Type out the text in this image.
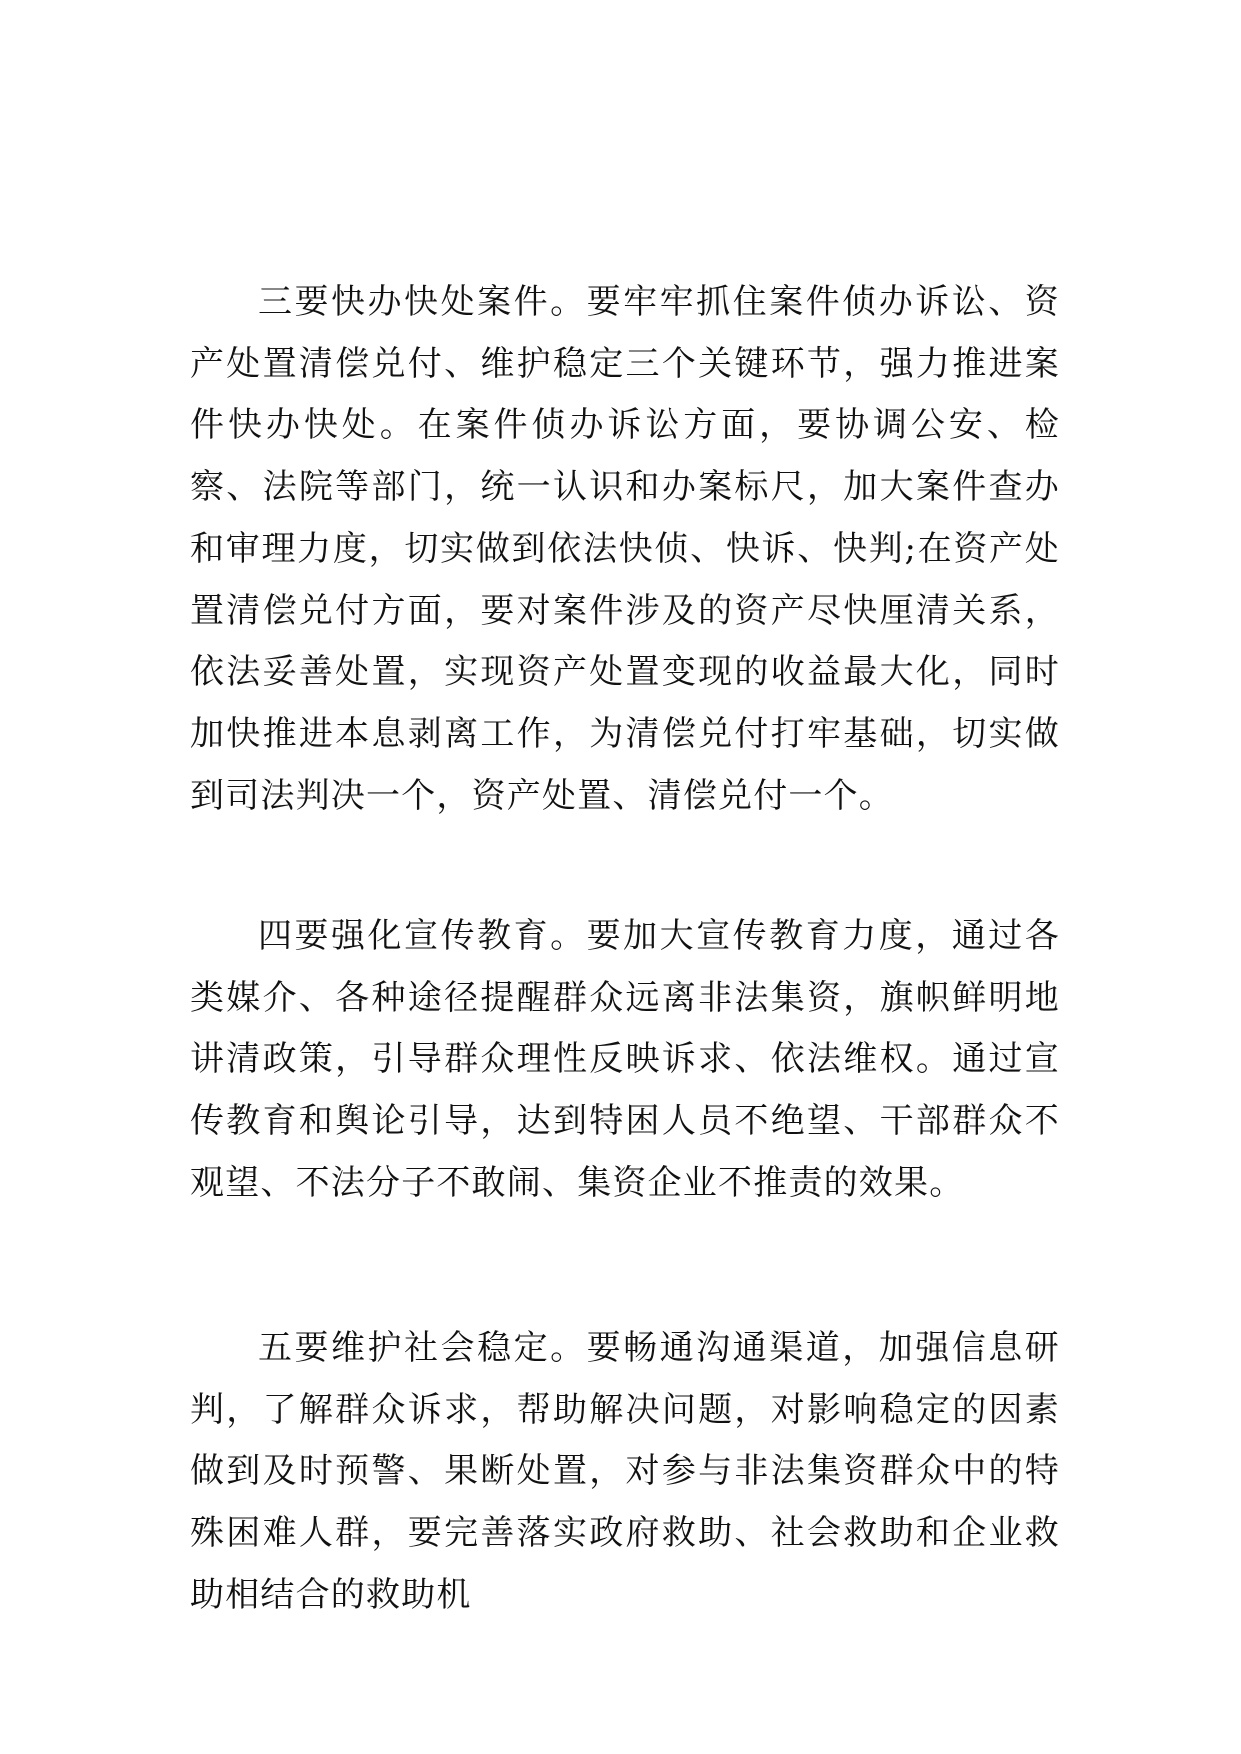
三要快办快处案件。要牢牢抓住案件侦办诉讼、资产处置清偿兑付、维护稳定三个关键环节，强力推进案件快办快处。在案件侦办诉讼方面，要协调公安、检察、法院等部门，统一认识和办案标尺，加大案件查办和审理力度，切实做到依法快侦、快诉、快判;在资产处置清偿兑付方面，要对案件涉及的资产尽快厘清关系，依法妥善处置，实现资产处置变现的收益最大化，同时加快推进本息剥离工作，为清偿兑付打牢基础，切实做到司法判决一个，资产处置、清偿兑付一个。

四要强化宣传教育。要加大宣传教育力度，通过各类媒介、各种途径提醒群众远离非法集资，旗帜鲜明地讲清政策，引导群众理性反映诉求、依法维权。通过宣传教育和舆论引导，达到特困人员不绝望、干部群众不观望、不法分子不敢闹、集资企业不推责的效果。

五要维护社会稳定。要畅通沟通渠道，加强信息研判，了解群众诉求，帮助解决问题，对影响稳定的因素做到及时预警、果断处置，对参与非法集资群众中的特殊困难人群，要完善落实政府救助、社会救助和企业救助相结合的救助机
